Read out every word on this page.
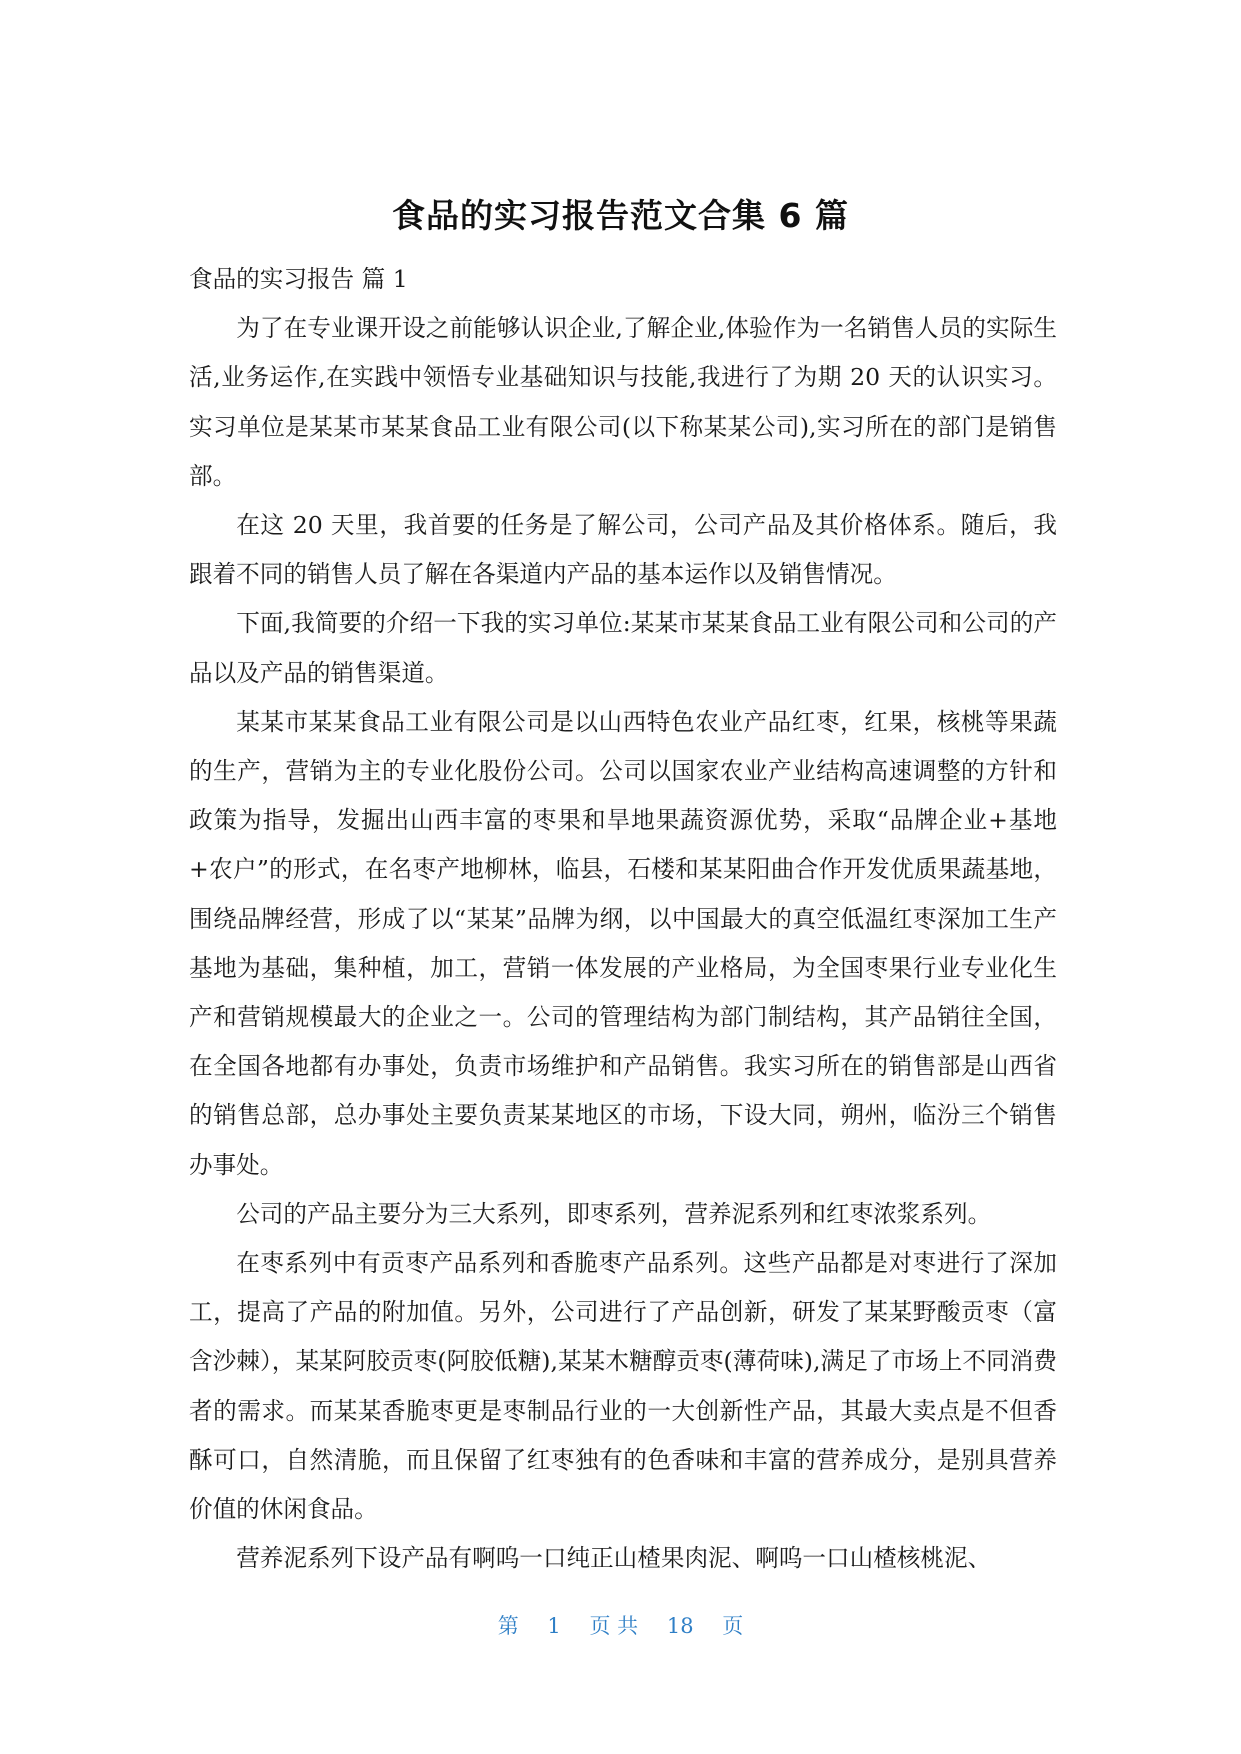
食品的实习报告范文合集 6 篇

食品的实习报告 篇 1

为了在专业课开设之前能够认识企业,了解企业,体验作为一名销售人员的实际生活,业务运作,在实践中领悟专业基础知识与技能,我进行了为期 20 天的认识实习。实习单位是某某市某某食品工业有限公司(以下称某某公司),实习所在的部门是销售部。

在这 20 天里，我首要的任务是了解公司，公司产品及其价格体系。随后，我跟着不同的销售人员了解在各渠道内产品的基本运作以及销售情况。

下面,我简要的介绍一下我的实习单位:某某市某某食品工业有限公司和公司的产品以及产品的销售渠道。

某某市某某食品工业有限公司是以山西特色农业产品红枣，红果，核桃等果蔬的生产，营销为主的专业化股份公司。公司以国家农业产业结构高速调整的方针和政策为指导，发掘出山西丰富的枣果和旱地果蔬资源优势，采取“品牌企业+基地+农户”的形式，在名枣产地柳林，临县，石楼和某某阳曲合作开发优质果蔬基地，围绕品牌经营，形成了以“某某”品牌为纲，以中国最大的真空低温红枣深加工生产基地为基础，集种植，加工，营销一体发展的产业格局，为全国枣果行业专业化生产和营销规模最大的企业之一。公司的管理结构为部门制结构，其产品销往全国，在全国各地都有办事处，负责市场维护和产品销售。我实习所在的销售部是山西省的销售总部，总办事处主要负责某某地区的市场，下设大同，朔州，临汾三个销售办事处。

公司的产品主要分为三大系列，即枣系列，营养泥系列和红枣浓浆系列。

在枣系列中有贡枣产品系列和香脆枣产品系列。这些产品都是对枣进行了深加工，提高了产品的附加值。另外，公司进行了产品创新，研发了某某野酸贡枣（富含沙棘），某某阿胶贡枣(阿胶低糖),某某木糖醇贡枣(薄荷味),满足了市场上不同消费者的需求。而某某香脆枣更是枣制品行业的一大创新性产品，其最大卖点是不但香酥可口，自然清脆，而且保留了红枣独有的色香味和丰富的营养成分，是别具营养价值的休闲食品。

营养泥系列下设产品有啊呜一口纯正山楂果肉泥、啊呜一口山楂核桃泥、

第 1 页 共 18 页
